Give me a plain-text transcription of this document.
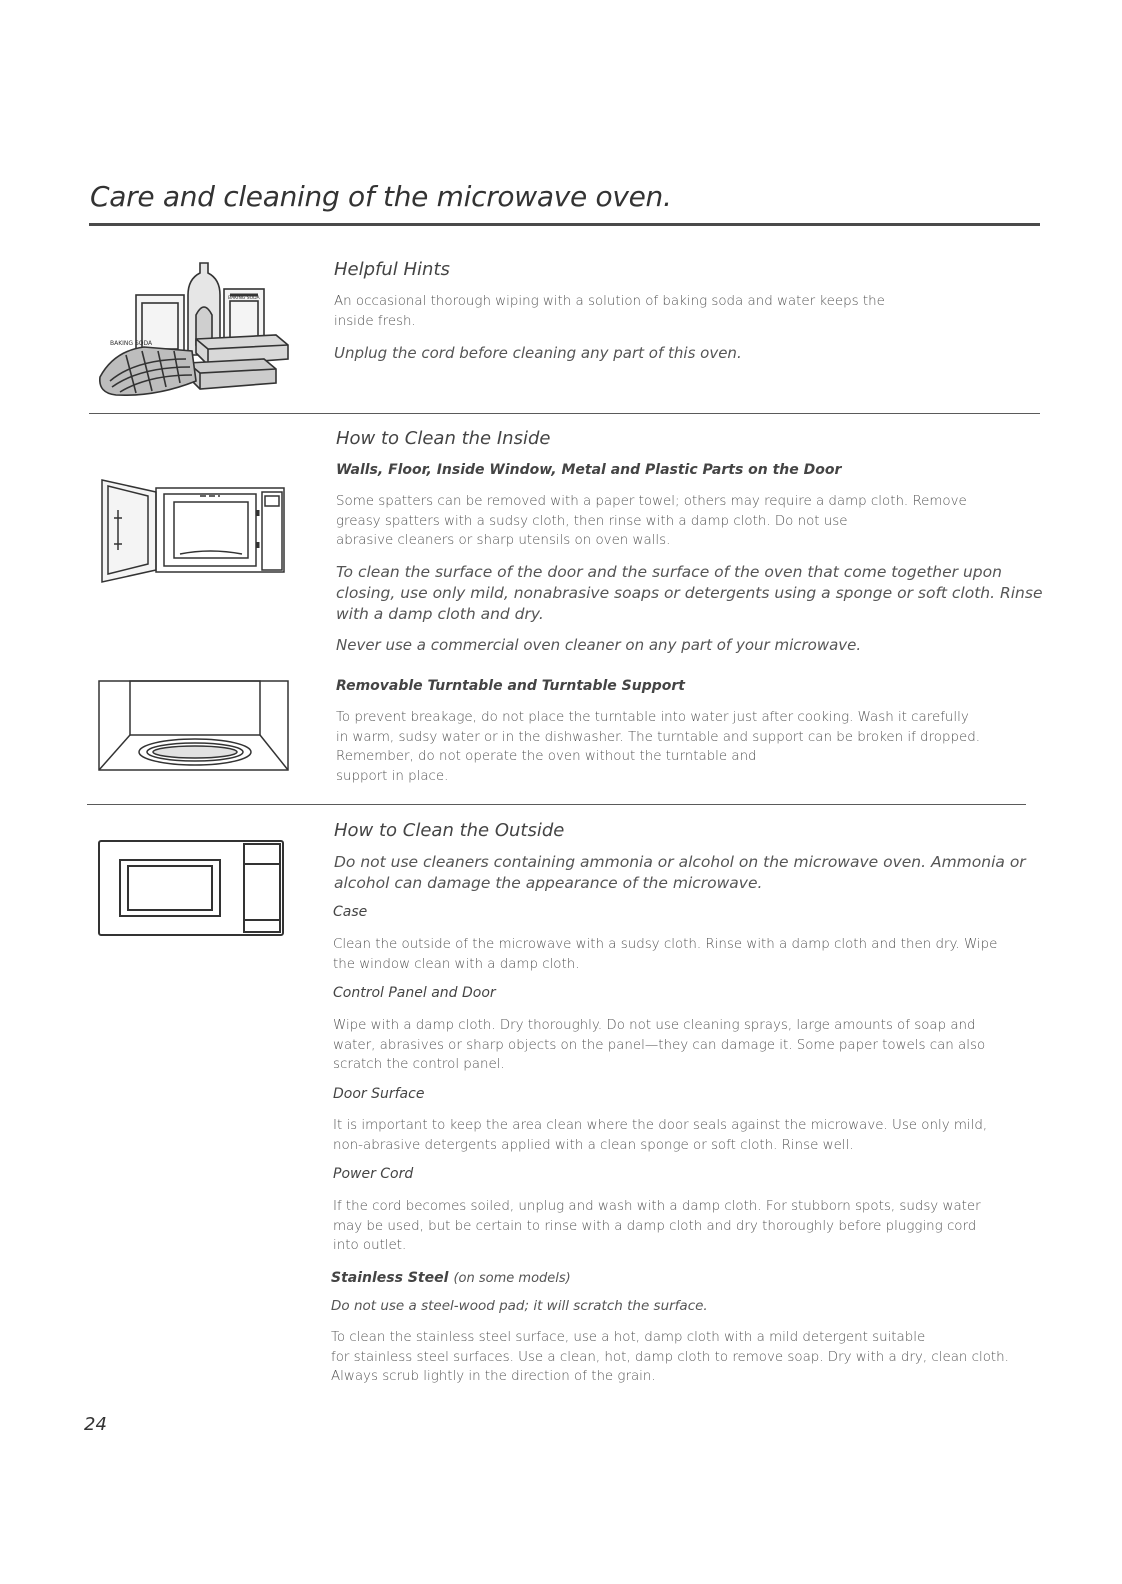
Care and cleaning of the microwave oven.
BAKING SODA
BAKING SODA
Helpful Hints
An occasional thorough wiping with a solution of baking soda and water keeps the
inside fresh.
Unplug the cord before cleaning any part of this oven.
How to Clean the Inside
Walls, Floor, Inside Window, Metal and Plastic Parts on the Door
Some spatters can be removed with a paper towel; others may require a damp cloth. Remove
greasy spatters with a sudsy cloth, then rinse with a damp cloth. Do not use
abrasive cleaners or sharp utensils on oven walls.
To clean the surface of the door and the surface of the oven that come together upon
closing, use only mild, nonabrasive soaps or detergents using a sponge or soft cloth. Rinse
with a damp cloth and dry.
Never use a commercial oven cleaner on any part of your microwave.
Removable Turntable and Turntable Support
To prevent breakage, do not place the turntable into water just after cooking. Wash it carefully
in warm, sudsy water or in the dishwasher. The turntable and support can be broken if dropped.
Remember, do not operate the oven without the turntable and
support in place.
How to Clean the Outside
Do not use cleaners containing ammonia or alcohol on the microwave oven. Ammonia or
alcohol can damage the appearance of the microwave.
Case
Clean the outside of the microwave with a sudsy cloth. Rinse with a damp cloth and then dry. Wipe
the window clean with a damp cloth.
Control Panel and Door
Wipe with a damp cloth. Dry thoroughly. Do not use cleaning sprays, large amounts of soap and
water, abrasives or sharp objects on the panel—they can damage it. Some paper towels can also
scratch the control panel.
Door Surface
It is important to keep the area clean where the door seals against the microwave. Use only mild,
non-abrasive detergents applied with a clean sponge or soft cloth. Rinse well.
Power Cord
If the cord becomes soiled, unplug and wash with a damp cloth. For stubborn spots, sudsy water
may be used, but be certain to rinse with a damp cloth and dry thoroughly before plugging cord
into outlet.
Stainless Steel (on some models)
Do not use a steel-wood pad; it will scratch the surface.
To clean the stainless steel surface, use a hot, damp cloth with a mild detergent suitable
for stainless steel surfaces. Use a clean, hot, damp cloth to remove soap. Dry with a dry, clean cloth.
Always scrub lightly in the direction of the grain.
24
